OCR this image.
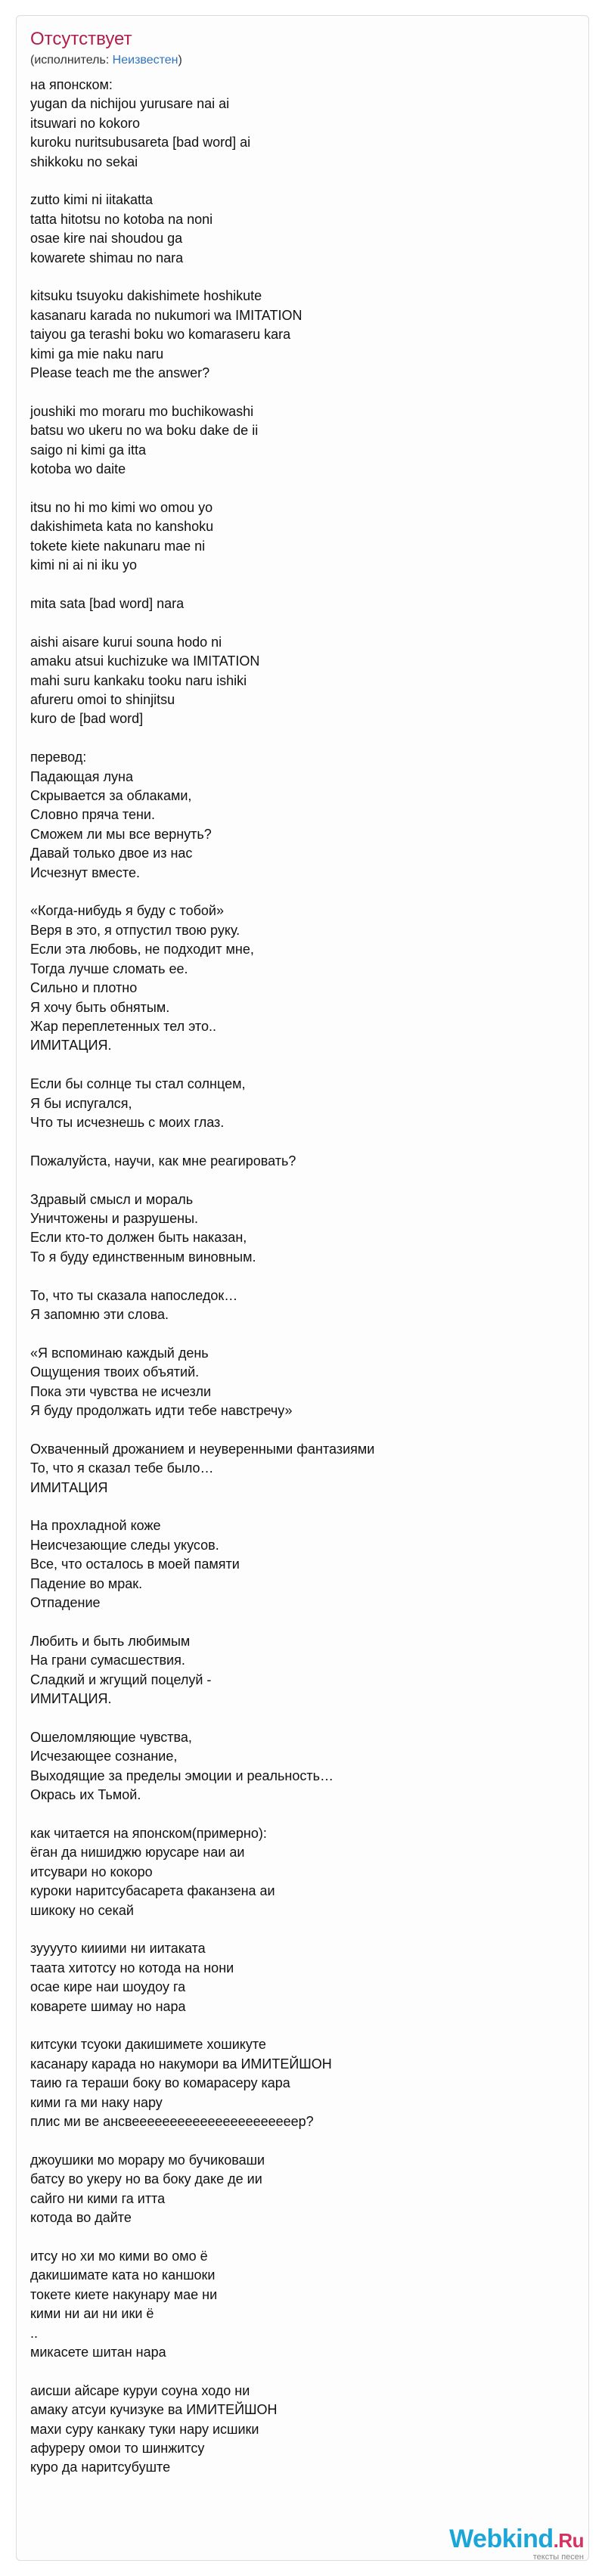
Отсутствует
(исполнитель: Неизвестен)
на японском:
yugan da nichijou yurusare nai ai
itsuwari no kokoro
kuroku nuritsubusareta [bad word] ai
shikkoku no sekai

zutto kimi ni iitakatta
tatta hitotsu no kotoba na noni
osae kire nai shoudou ga
kowarete shimau no nara

kitsuku tsuyoku dakishimete hoshikute
kasanaru karada no nukumori wa IMITATION
taiyou ga terashi boku wo komaraseru kara
kimi ga mie naku naru
Please teach me the answer?

joushiki mo moraru mo buchikowashi
batsu wo ukeru no wa boku dake de ii
saigo ni kimi ga itta
kotoba wo daite

itsu no hi mo kimi wo omou yo
dakishimeta kata no kanshoku
tokete kiete nakunaru mae ni
kimi ni ai ni iku yo

mita sata [bad word] nara

aishi aisare kurui souna hodo ni
amaku atsui kuchizuke wa IMITATION
mahi suru kankaku tooku naru ishiki
afureru omoi to shinjitsu
kuro de [bad word]

перевод:
Падающая луна
Скрывается за облаками,
Словно пряча тени.
Сможем ли мы все вернуть?
Давай только двое из нас
Исчезнут вместе.

«Когда-нибудь я буду с тобой»
Веря в это, я отпустил твою руку.
Если эта любовь, не подходит мне,
Тогда лучше сломать ее.
Сильно и плотно
Я хочу быть обнятым.
Жар переплетенных тел это..
ИМИТАЦИЯ.

Если бы солнце ты стал солнцем,
Я бы испугался,
Что ты исчезнешь с моих глаз.

Пожалуйста, научи, как мне реагировать?

Здравый смысл и мораль
Уничтожены и разрушены.
Если кто-то должен быть наказан,
То я буду единственным виновным.

То, что ты сказала напоследок…
Я запомню эти слова.

«Я вспоминаю каждый день
Ощущения твоих объятий.
Пока эти чувства не исчезли
Я буду продолжать идти тебе навстречу»

Охваченный дрожанием и неуверенными фантазиями
То, что я сказал тебе было…
ИМИТАЦИЯ

На прохладной коже
Неисчезающие следы укусов.
Все, что осталось в моей памяти
Падение во мрак.
Отпадение

Любить и быть любимым
На грани сумасшествия.
Сладкий и жгущий поцелуй -
ИМИТАЦИЯ.

Ошеломляющие чувства,
Исчезающее сознание,
Выходящие за пределы эмоции и реальность…
Окрась их Тьмой.

как читается на японском(примерно):
ёган да нишиджю юрусаре наи аи
итсувари но кокоро
куроки наритсубасарета факанзена аи
шикоку но секай

зууууто кииими ни иитаката
таата хитотсу но котода на нони
осае кире наи шоудоу га
коварете шимау но нара

китсуки тсуоки дакишимете хошикуте
касанару карада но накумори ва ИМИТЕЙШОН
таию га тераши боку во комарасеру кара
кими га ми наку нару
плис ми ве ансвеееееееееееееееееееееер?

джоушики мо морару мо бучиковаши
батсу во укеру но ва боку даке де ии
сайго ни кими га итта
котода во дайте

итсу но хи мо кими во омо ё
дакишимате ката но каншоки
токете киете накунару мае ни
кими ни аи ни ики ё
..
микасете шитан нара

аисши айсаре куруи соуна ходо ни
амаку атсуи кучизуке ва ИМИТЕЙШОН
махи сурy канкаку туки нару исшики
афуреру омои то шинжитсу
куро да наритсубуште
Webkind.Ru
тексты песен
